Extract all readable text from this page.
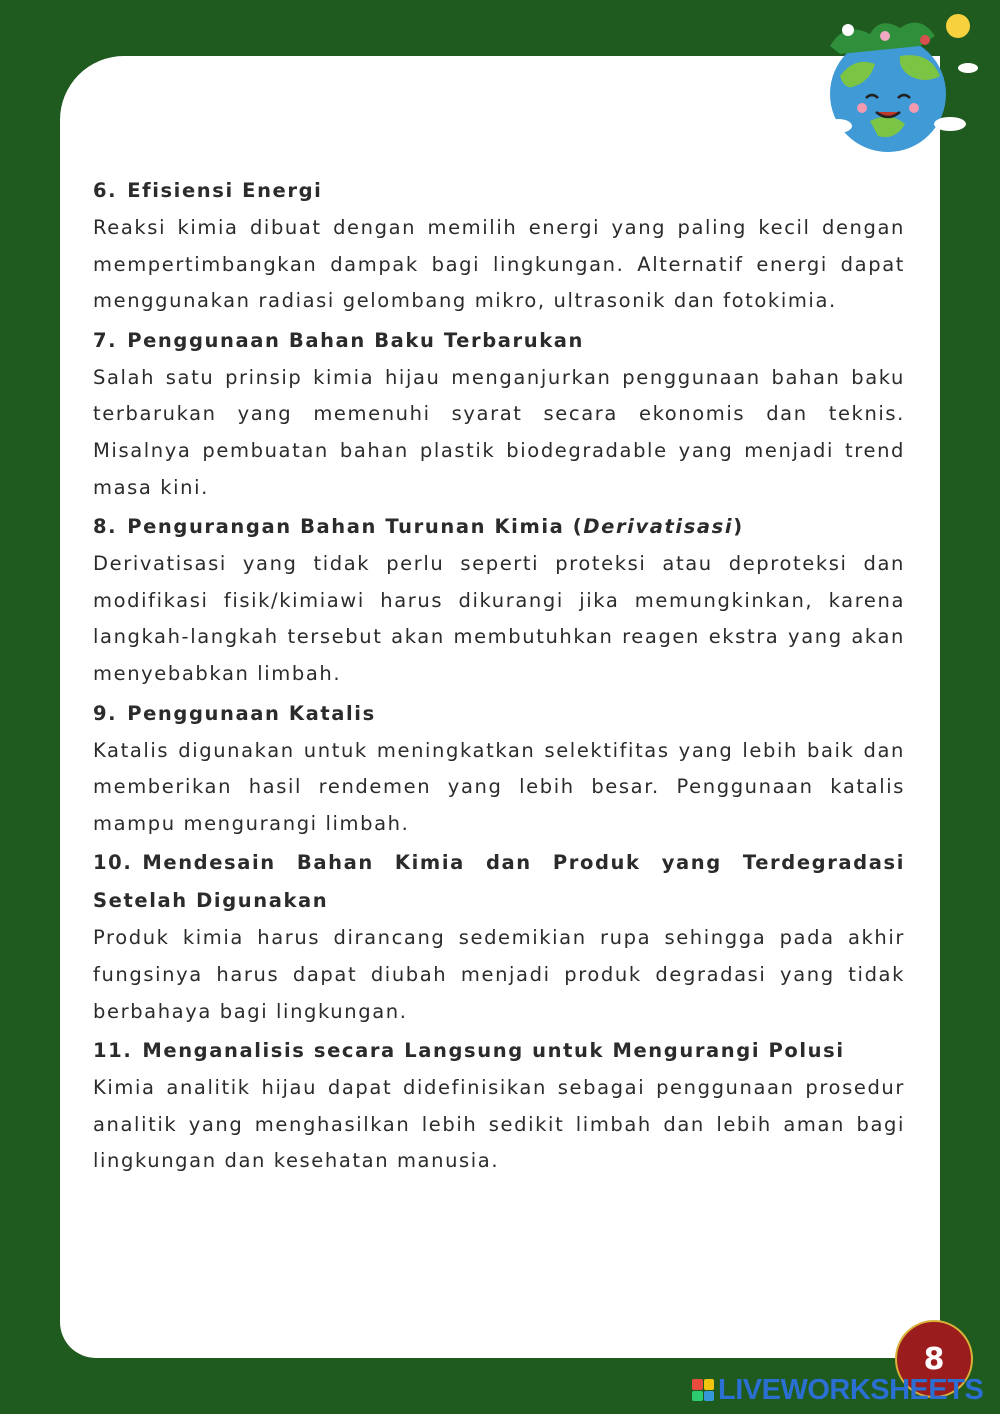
6. Efisiensi Energi

Reaksi kimia dibuat dengan memilih energi yang paling kecil dengan mempertimbangkan dampak bagi lingkungan. Alternatif energi dapat menggunakan radiasi gelombang mikro, ultrasonik dan fotokimia.

7. Penggunaan Bahan Baku Terbarukan

Salah satu prinsip kimia hijau menganjurkan penggunaan bahan baku terbarukan yang memenuhi syarat secara ekonomis dan teknis. Misalnya pembuatan bahan plastik biodegradable yang menjadi trend masa kini.

8. Pengurangan Bahan Turunan Kimia (Derivatisasi)

Derivatisasi yang tidak perlu seperti proteksi atau deproteksi dan modifikasi fisik/kimiawi harus dikurangi jika memungkinkan, karena langkah-langkah tersebut akan membutuhkan reagen ekstra yang akan menyebabkan limbah.

9. Penggunaan Katalis

Katalis digunakan untuk meningkatkan selektifitas yang lebih baik dan memberikan hasil rendemen yang lebih besar. Penggunaan katalis mampu mengurangi limbah.

10. Mendesain Bahan Kimia dan Produk yang Terdegradasi Setelah Digunakan

Produk kimia harus dirancang sedemikian rupa sehingga pada akhir fungsinya harus dapat diubah menjadi produk degradasi yang tidak berbahaya bagi lingkungan.

11. Menganalisis secara Langsung untuk Mengurangi Polusi

Kimia analitik hijau dapat didefinisikan sebagai penggunaan prosedur analitik yang menghasilkan lebih sedikit limbah dan lebih aman bagi lingkungan dan kesehatan manusia.

8
LIVEWORKSHEETS
